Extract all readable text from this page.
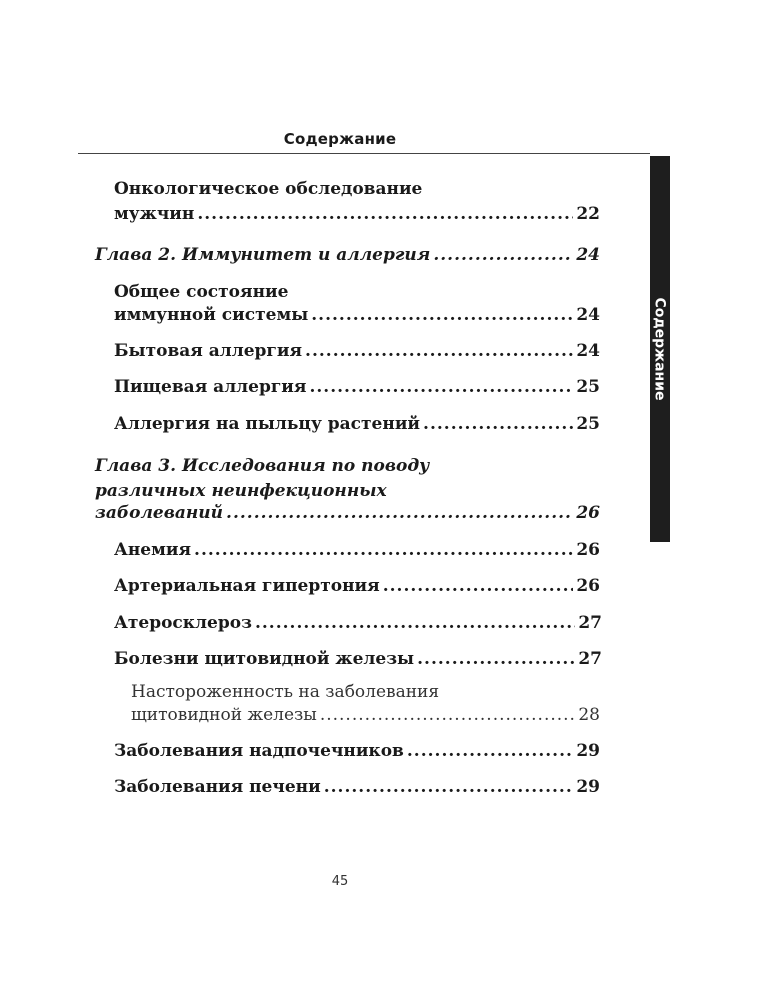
Содержание
Содержание
Онкологическое обследование
мужчин .....	22
Глава 2. Иммунитет и аллергия .....	24
Общее состояние
иммунной системы .....	24
Бытовая аллергия .....	24
Пищевая аллергия .....	25
Аллергия на пыльцу растений .....	25
Глава 3. Исследования по поводу
различных неинфекционных
заболеваний .....	26
Анемия .....	26
Артериальная гипертония .....	26
Атеросклероз .....	27
Болезни щитовидной железы .....	27
Настороженность на заболевания
щитовидной железы .....	28
Заболевания надпочечников .....	29
Заболевания печени .....	29
45
